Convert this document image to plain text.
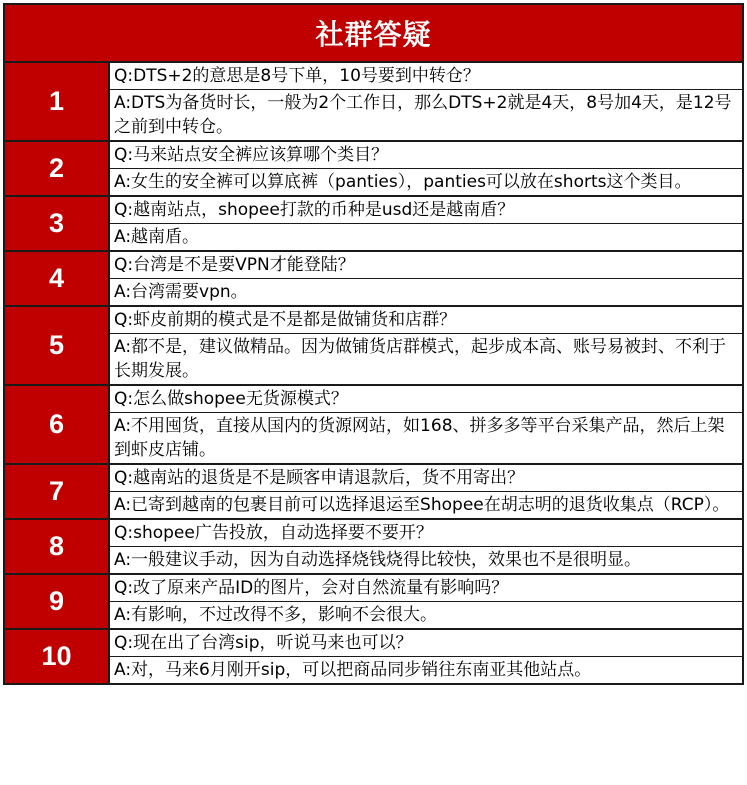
社群答疑
1
Q:DTS+2的意思是8号下单，10号要到中转仓？
A:DTS为备货时长，一般为2个工作日，那么DTS+2就是4天，8号加4天，是12号之前到中转仓。
2	Q:马来站点安全裤应该算哪个类目？
A:女生的安全裤可以算底裤（panties），panties可以放在shorts这个类目。
3	Q:越南站点，shopee打款的币种是usd还是越南盾？
A:越南盾。
4	Q:台湾是不是要VPN才能登陆？
A:台湾需要vpn。
5
Q:虾皮前期的模式是不是都是做铺货和店群？
A:都不是，建议做精品。因为做铺货店群模式，起步成本高、账号易被封、不利于长期发展。
6
Q:怎么做shopee无货源模式？
A:不用囤货，直接从国内的货源网站，如168、拼多多等平台采集产品，然后上架到虾皮店铺。
7	Q:越南站的退货是不是顾客申请退款后，货不用寄出？
A:已寄到越南的包裹目前可以选择退运至Shopee在胡志明的退货收集点（RCP）。
8	Q:shopee广告投放，自动选择要不要开？
A:一般建议手动，因为自动选择烧钱烧得比较快，效果也不是很明显。
9	Q:改了原来产品ID的图片，会对自然流量有影响吗？
A:有影响，不过改得不多，影响不会很大。
10	Q:现在出了台湾sip，听说马来也可以？
A:对，马来6月刚开sip，可以把商品同步销往东南亚其他站点。
